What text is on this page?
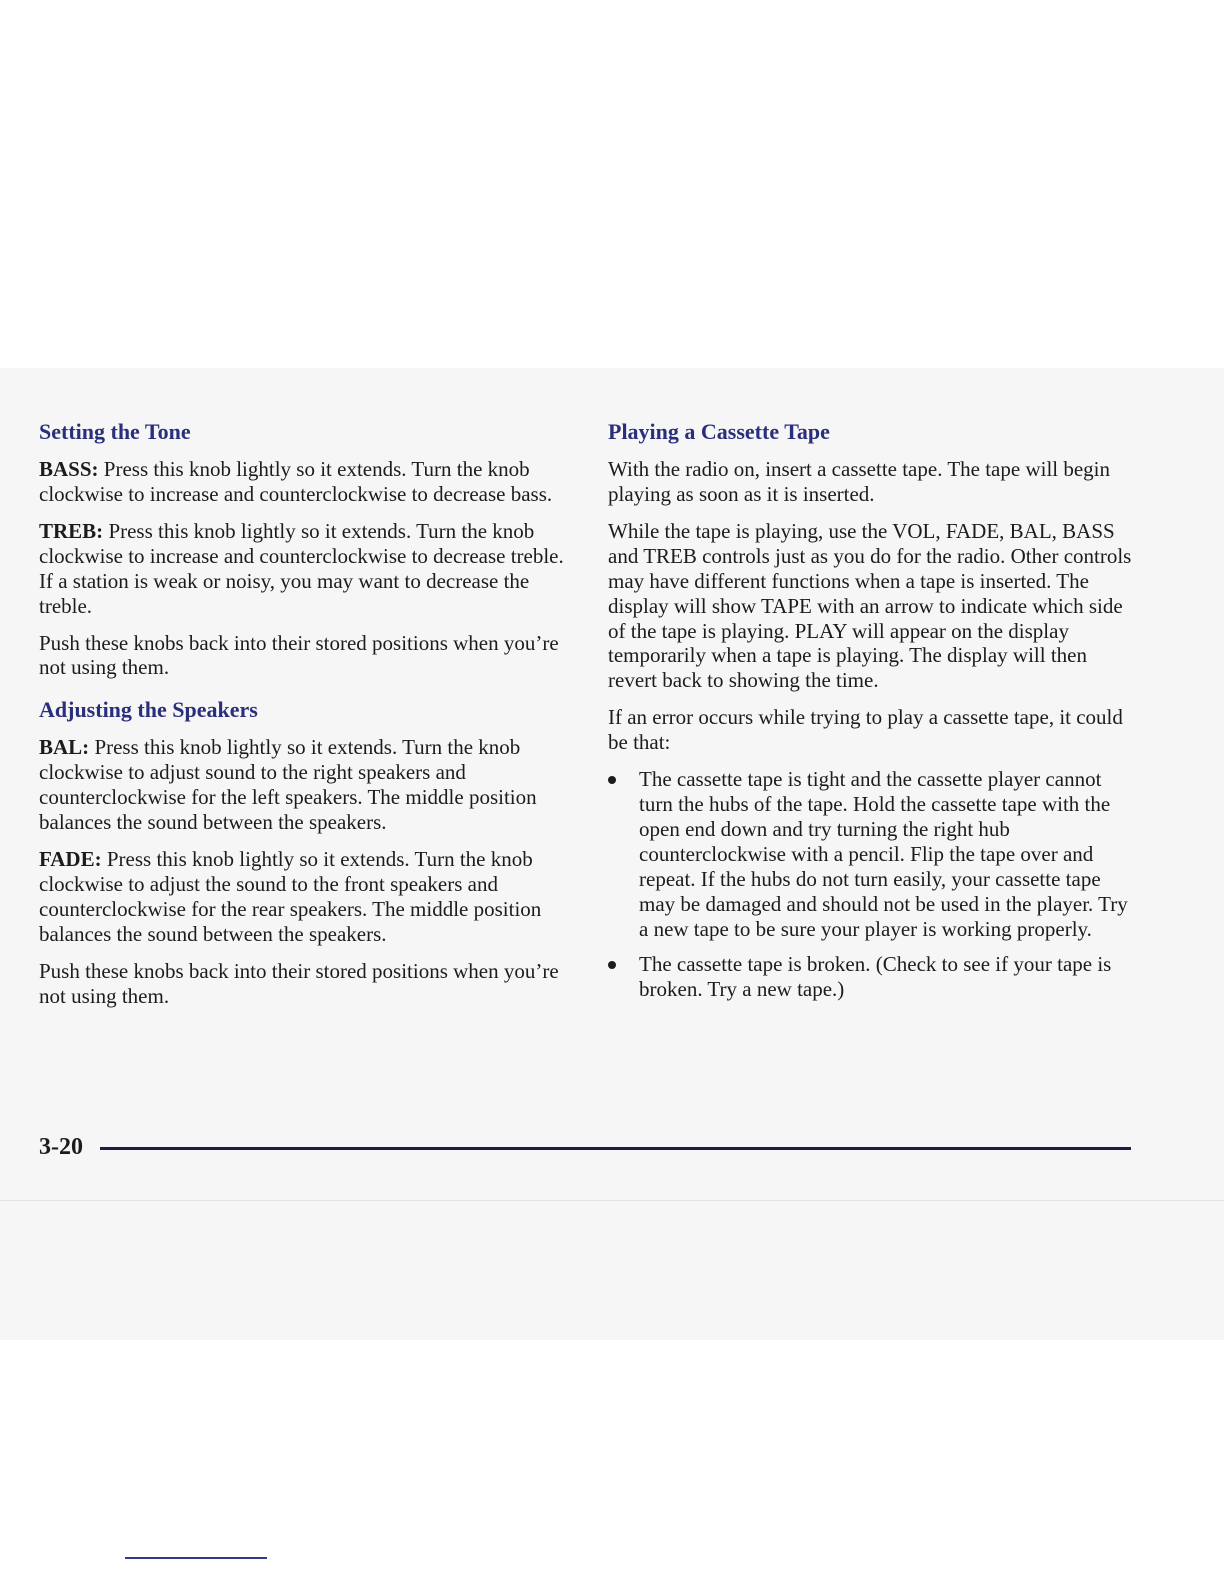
Setting the Tone

BASS: Press this knob lightly so it extends. Turn the knob clockwise to increase and counterclockwise to decrease bass.

TREB: Press this knob lightly so it extends. Turn the knob clockwise to increase and counterclockwise to decrease treble. If a station is weak or noisy, you may want to decrease the treble.

Push these knobs back into their stored positions when you’re not using them.

Adjusting the Speakers

BAL: Press this knob lightly so it extends. Turn the knob clockwise to adjust sound to the right speakers and counterclockwise for the left speakers. The middle position balances the sound between the speakers.

FADE: Press this knob lightly so it extends. Turn the knob clockwise to adjust the sound to the front speakers and counterclockwise for the rear speakers. The middle position balances the sound between the speakers.

Push these knobs back into their stored positions when you’re not using them.

Playing a Cassette Tape

With the radio on, insert a cassette tape. The tape will begin playing as soon as it is inserted.

While the tape is playing, use the VOL, FADE, BAL, BASS and TREB controls just as you do for the radio. Other controls may have different functions when a tape is inserted. The display will show TAPE with an arrow to indicate which side of the tape is playing. PLAY will appear on the display temporarily when a tape is playing. The display will then revert back to showing the time.

If an error occurs while trying to play a cassette tape, it could be that:

The cassette tape is tight and the cassette player cannot turn the hubs of the tape. Hold the cassette tape with the open end down and try turning the right hub counterclockwise with a pencil. Flip the tape over and repeat. If the hubs do not turn easily, your cassette tape may be damaged and should not be used in the player. Try a new tape to be sure your player is working properly.
The cassette tape is broken. (Check to see if your tape is broken. Try a new tape.)
3-20
